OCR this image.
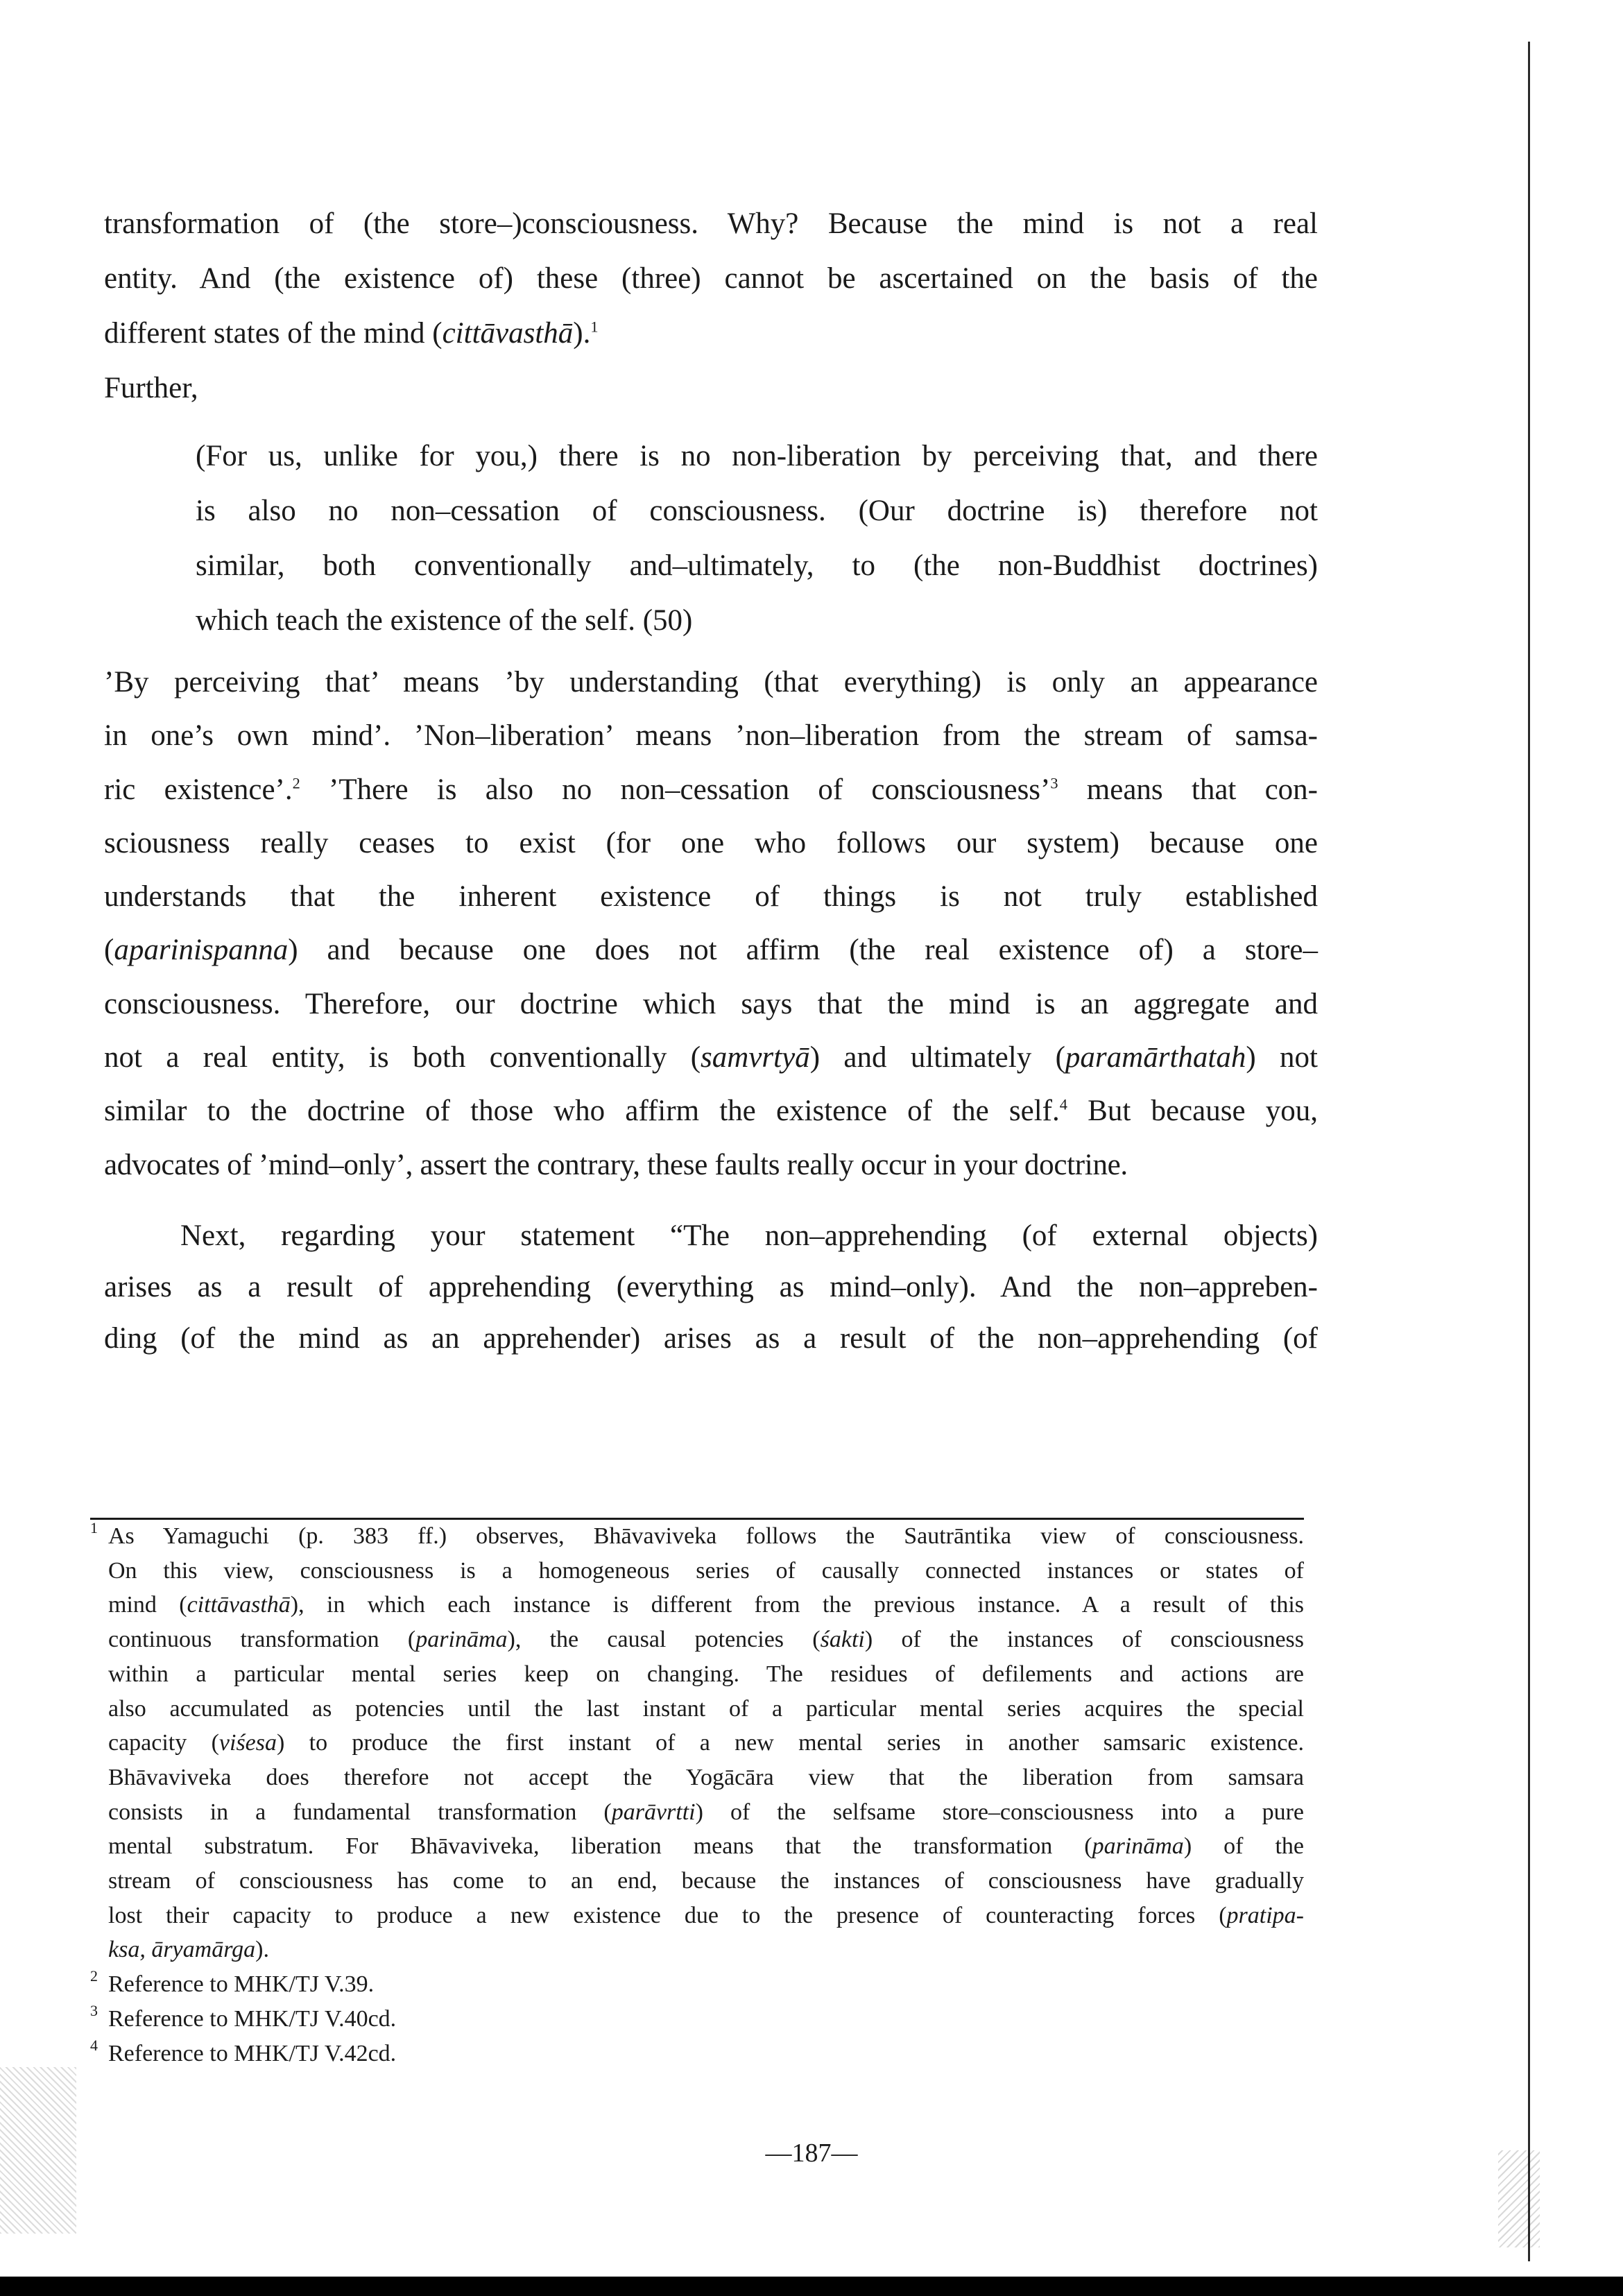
transformation of (the store–)consciousness. Why? Because the mind is not a real
entity. And (the existence of) these (three) cannot be ascertained on the basis of the
different states of the mind (cittāvasthā).$^1$
Further,
(For us, unlike for you,) there is no non-liberation by perceiving that, and there
is also no non–cessation of consciousness. (Our doctrine is) therefore not
similar, both conventionally and–ultimately, to (the non-Buddhist doctrines)
which teach the existence of the self. (50)
’By perceiving that’ means ’by understanding (that everything) is only an appearance
in one’s own mind’. ’Non–liberation’ means ’non–liberation from the stream of samsa-
ric existence’.$^2$ ’There is also no non–cessation of consciousness’$^3$ means that con-
sciousness really ceases to exist (for one who follows our system) because one
understands that the inherent existence of things is not truly established
(aparinispanna) and because one does not affirm (the real existence of) a store–
consciousness. Therefore, our doctrine which says that the mind is an aggregate and
not a real entity, is both conventionally (samvrtyā) and ultimately (paramārthatah) not
similar to the doctrine of those who affirm the existence of the self.$^4$ But because you,
advocates of ’mind–only’, assert the contrary, these faults really occur in your doctrine.
Next, regarding your statement “The non–apprehending (of external objects)
arises as a result of apprehending (everything as mind–only). And the non–appreben-
ding (of the mind as an apprehender) arises as a result of the non–apprehending (of
1 As Yamaguchi (p. 383 ff.) observes, Bhāvaviveka follows the Sautrāntika view of consciousness.
On this view, consciousness is a homogeneous series of causally connected instances or states of
mind (cittāvasthā), in which each instance is different from the previous instance. A a result of this
continuous transformation (parināma), the causal potencies (śakti) of the instances of consciousness
within a particular mental series keep on changing. The residues of defilements and actions are
also accumulated as potencies until the last instant of a particular mental series acquires the special
capacity (viśesa) to produce the first instant of a new mental series in another samsaric existence.
Bhāvaviveka does therefore not accept the Yogācāra view that the liberation from samsara
consists in a fundamental transformation (parāvrtti) of the selfsame store–consciousness into a pure
mental substratum. For Bhāvaviveka, liberation means that the transformation (parināma) of the
stream of consciousness has come to an end, because the instances of consciousness have gradually
lost their capacity to produce a new existence due to the presence of counteracting forces (pratipa-
ksa, āryamārga).
2 Reference to MHK/TJ V.39.
3 Reference to MHK/TJ V.40cd.
4 Reference to MHK/TJ V.42cd.
—187—
